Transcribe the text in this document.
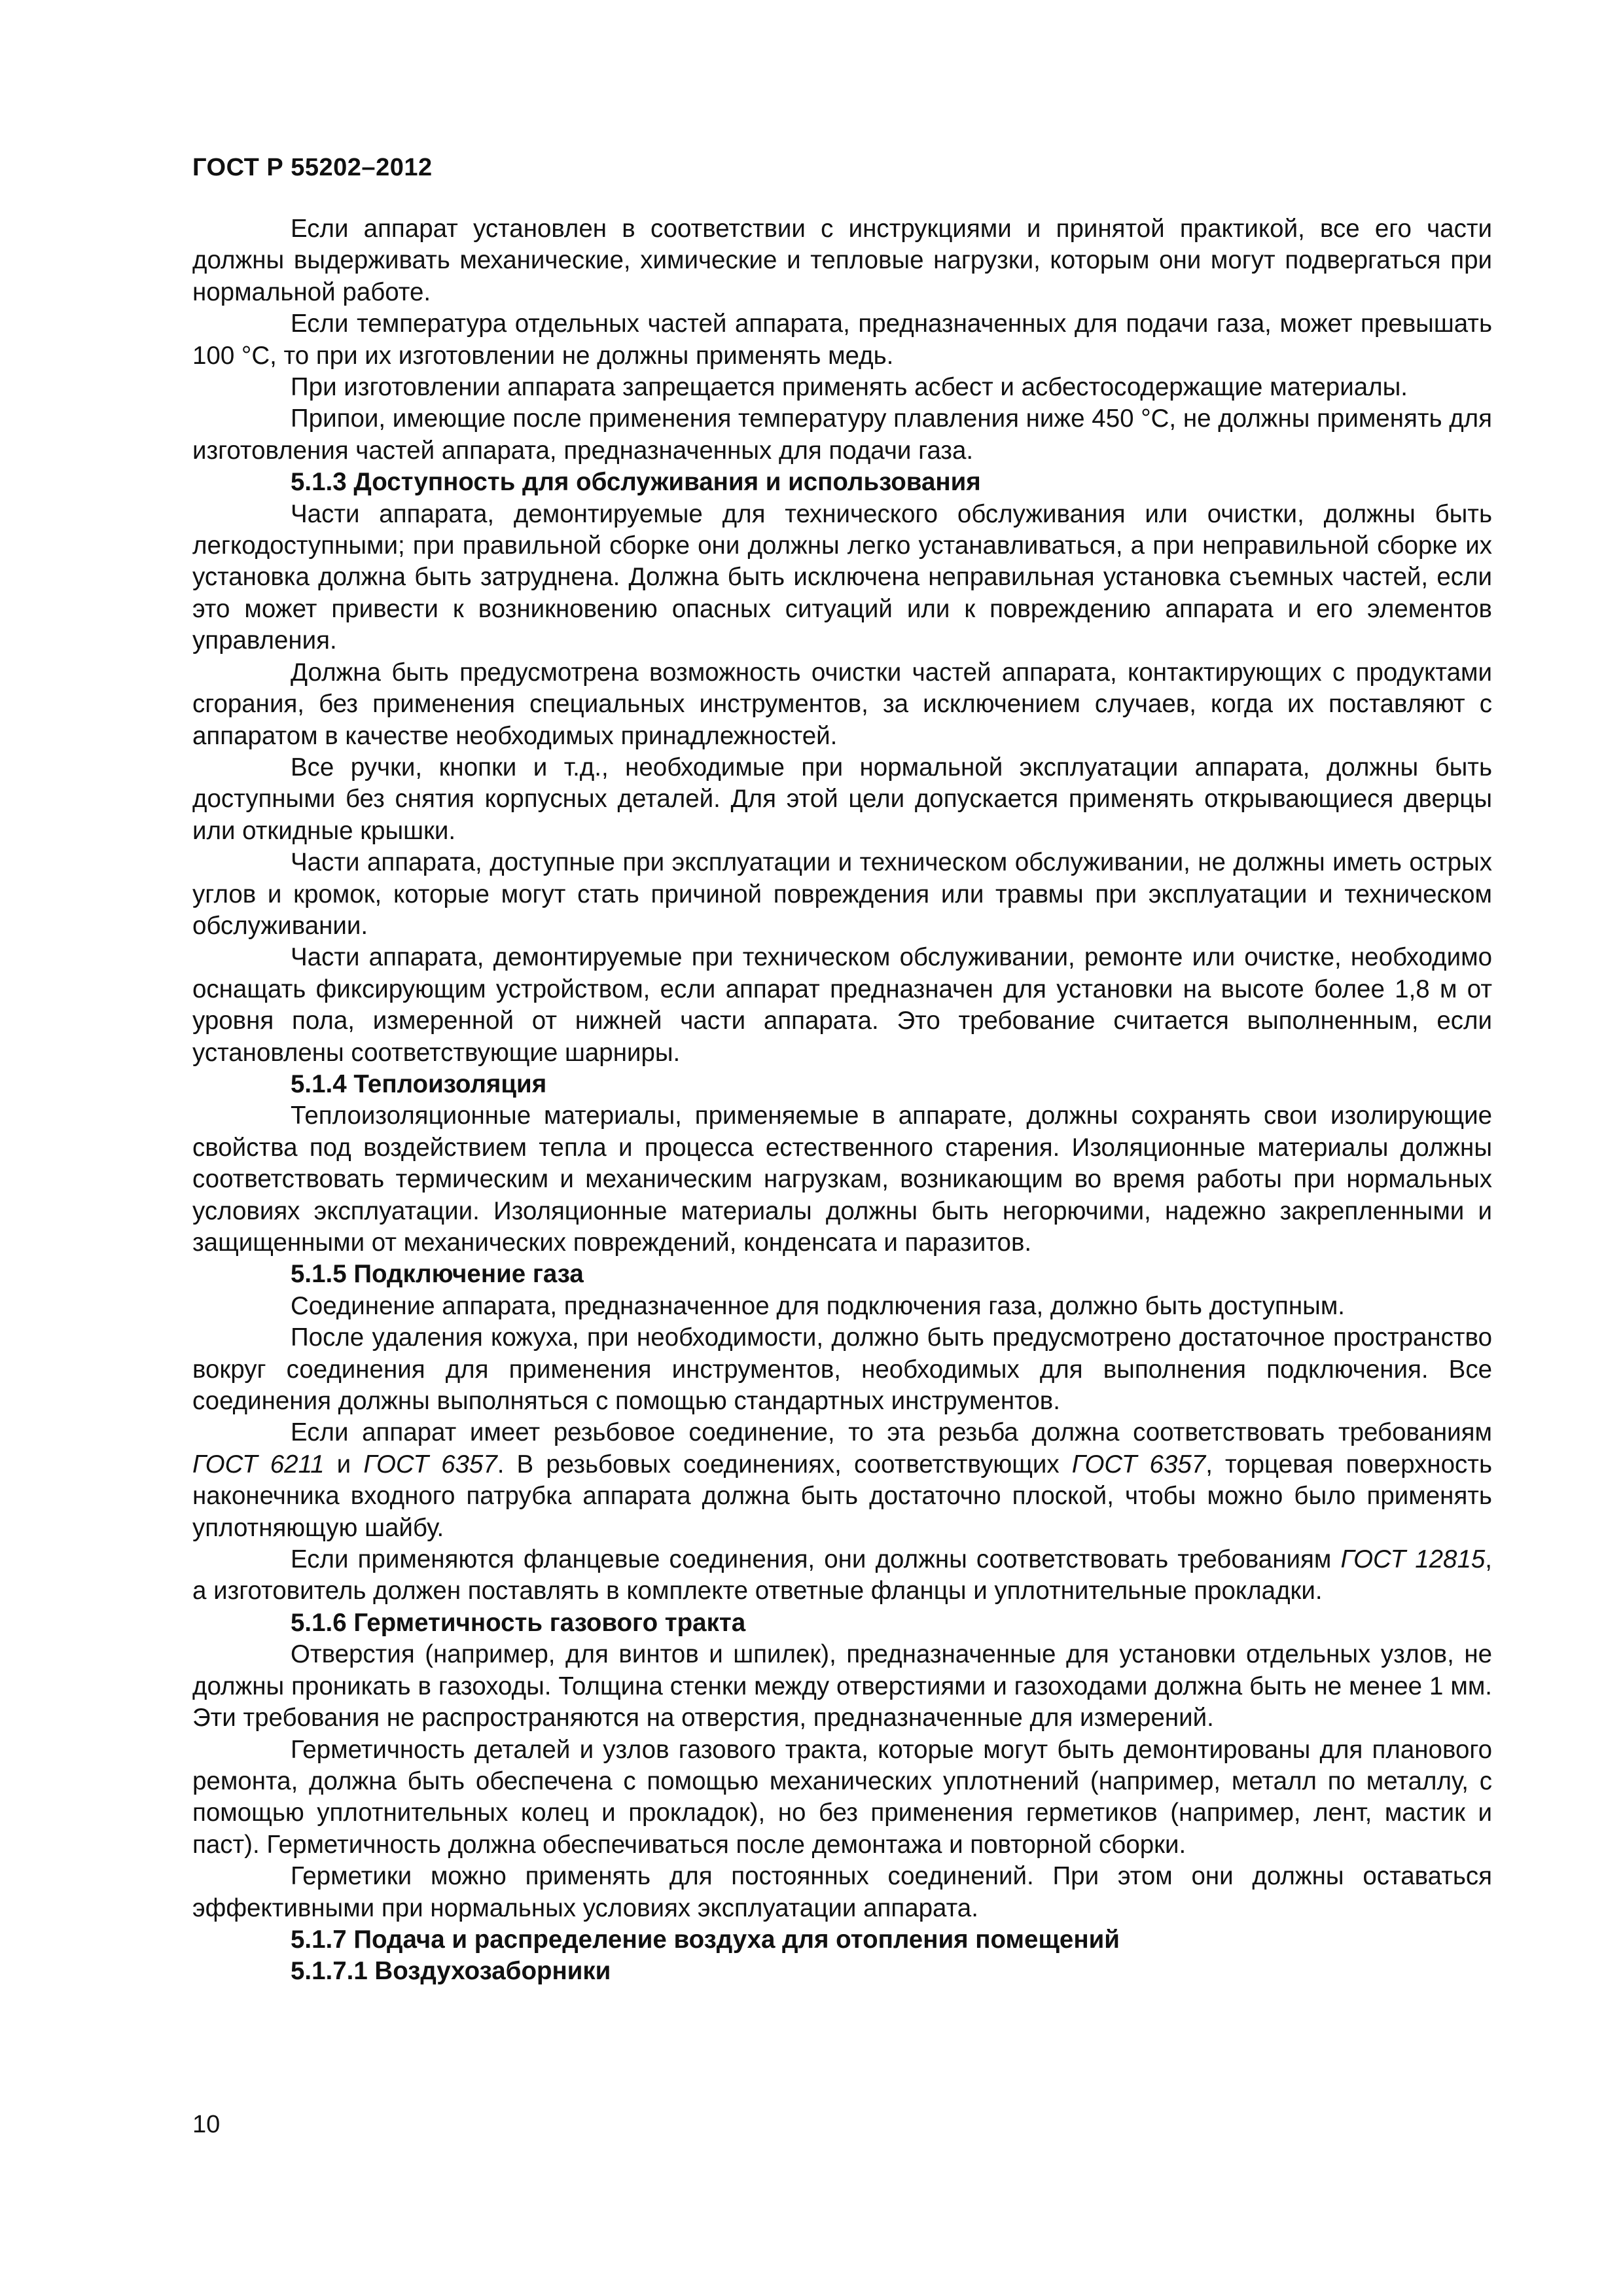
ГОСТ Р 55202–2012

Если аппарат установлен в соответствии с инструкциями и принятой практикой, все его части должны выдерживать механические, химические и тепловые нагрузки, которым они могут подвергаться при нормальной работе.

Если температура отдельных частей аппарата, предназначенных для подачи газа, может превышать 100 °С, то при их изготовлении не должны применять медь.

При изготовлении аппарата запрещается применять асбест и асбестосодержащие материалы.

Припои, имеющие после применения температуру плавления ниже 450 °С, не должны применять для изготовления частей аппарата, предназначенных для подачи газа.

5.1.3 Доступность для обслуживания и использования

Части аппарата, демонтируемые для технического обслуживания или очистки, должны быть легкодоступными; при правильной сборке они должны легко устанавливаться, а при неправильной сборке их установка должна быть затруднена. Должна быть исключена неправильная установка съемных частей, если это может привести к возникновению опасных ситуаций или к повреждению аппарата и его элементов управления.

Должна быть предусмотрена возможность очистки частей аппарата, контактирующих с продуктами сгорания, без применения специальных инструментов, за исключением случаев, когда их поставляют с аппаратом в качестве необходимых принадлежностей.

Все ручки, кнопки и т.д., необходимые при нормальной эксплуатации аппарата, должны быть доступными без снятия корпусных деталей. Для этой цели допускается применять открывающиеся дверцы или откидные крышки.

Части аппарата, доступные при эксплуатации и техническом обслуживании, не должны иметь острых углов и кромок, которые могут стать причиной повреждения или травмы при эксплуатации и техническом обслуживании.

Части аппарата, демонтируемые при техническом обслуживании, ремонте или очистке, необходимо оснащать фиксирующим устройством, если аппарат предназначен для установки на высоте более 1,8 м от уровня пола, измеренной от нижней части аппарата. Это требование считается выполненным, если установлены соответствующие шарниры.

5.1.4 Теплоизоляция

Теплоизоляционные материалы, применяемые в аппарате, должны сохранять свои изолирующие свойства под воздействием тепла и процесса естественного старения. Изоляционные материалы должны соответствовать термическим и механическим нагрузкам, возникающим во время работы при нормальных условиях эксплуатации. Изоляционные материалы должны быть негорючими, надежно закрепленными и защищенными от механических повреждений, конденсата и паразитов.

5.1.5 Подключение газа

Соединение аппарата, предназначенное для подключения газа, должно быть доступным.

После удаления кожуха, при необходимости, должно быть предусмотрено достаточное пространство вокруг соединения для применения инструментов, необходимых для выполнения подключения. Все соединения должны выполняться с помощью стандартных инструментов.

Если аппарат имеет резьбовое соединение, то эта резьба должна соответствовать требованиям ГОСТ 6211 и ГОСТ 6357. В резьбовых соединениях, соответствующих ГОСТ 6357, торцевая поверхность наконечника входного патрубка аппарата должна быть достаточно плоской, чтобы можно было применять уплотняющую шайбу.

Если применяются фланцевые соединения, они должны соответствовать требованиям ГОСТ 12815, а изготовитель должен поставлять в комплекте ответные фланцы и уплотнительные прокладки.

5.1.6 Герметичность газового тракта

Отверстия (например, для винтов и шпилек), предназначенные для установки отдельных узлов, не должны проникать в газоходы. Толщина стенки между отверстиями и газоходами должна быть не менее 1 мм. Эти требования не распространяются на отверстия, предназначенные для измерений.

Герметичность деталей и узлов газового тракта, которые могут быть демонтированы для планового ремонта, должна быть обеспечена с помощью механических уплотнений (например, металл по металлу, с помощью уплотнительных колец и прокладок), но без применения герметиков (например, лент, мастик и паст). Герметичность должна обеспечиваться после демонтажа и повторной сборки.

Герметики можно применять для постоянных соединений. При этом они должны оставаться эффективными при нормальных условиях эксплуатации аппарата.

5.1.7 Подача и распределение воздуха для отопления помещений

5.1.7.1 Воздухозаборники

10
